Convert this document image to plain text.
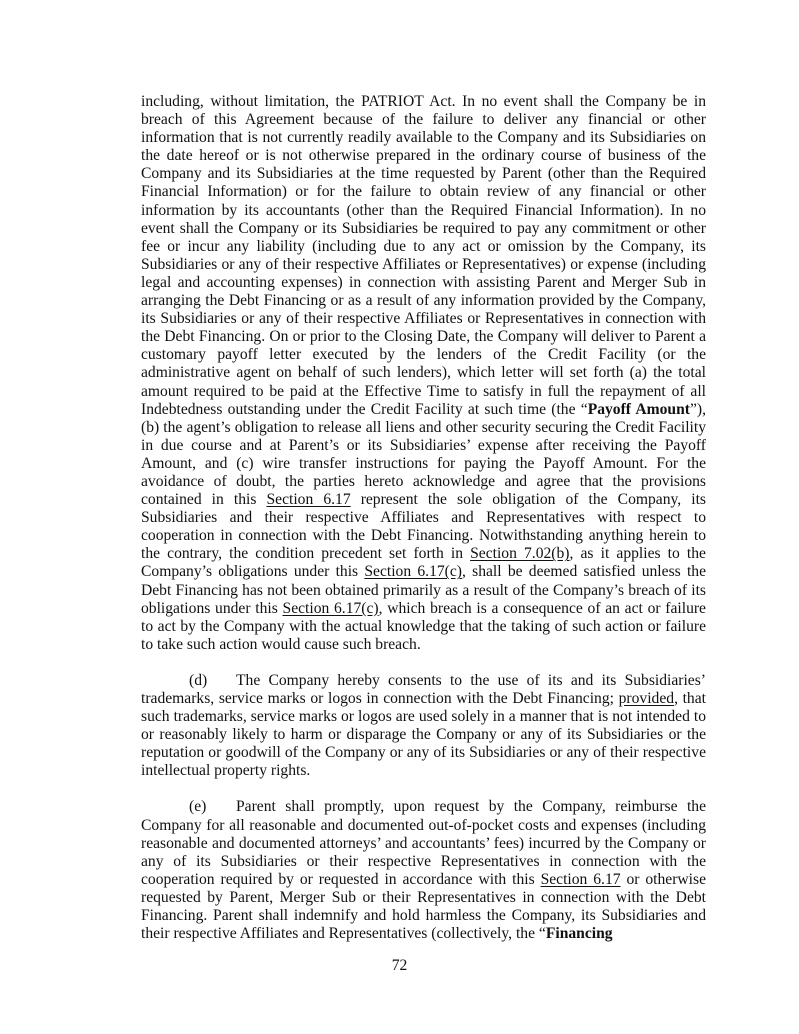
including, without limitation, the PATRIOT Act. In no event shall the Company be in breach of this Agreement because of the failure to deliver any financial or other information that is not currently readily available to the Company and its Subsidiaries on the date hereof or is not otherwise prepared in the ordinary course of business of the Company and its Subsidiaries at the time requested by Parent (other than the Required Financial Information) or for the failure to obtain review of any financial or other information by its accountants (other than the Required Financial Information). In no event shall the Company or its Subsidiaries be required to pay any commitment or other fee or incur any liability (including due to any act or omission by the Company, its Subsidiaries or any of their respective Affiliates or Representatives) or expense (including legal and accounting expenses) in connection with assisting Parent and Merger Sub in arranging the Debt Financing or as a result of any information provided by the Company, its Subsidiaries or any of their respective Affiliates or Representatives in connection with the Debt Financing. On or prior to the Closing Date, the Company will deliver to Parent a customary payoff letter executed by the lenders of the Credit Facility (or the administrative agent on behalf of such lenders), which letter will set forth (a) the total amount required to be paid at the Effective Time to satisfy in full the repayment of all Indebtedness outstanding under the Credit Facility at such time (the “Payoff Amount”), (b) the agent’s obligation to release all liens and other security securing the Credit Facility in due course and at Parent’s or its Subsidiaries’ expense after receiving the Payoff Amount, and (c) wire transfer instructions for paying the Payoff Amount. For the avoidance of doubt, the parties hereto acknowledge and agree that the provisions contained in this Section 6.17 represent the sole obligation of the Company, its Subsidiaries and their respective Affiliates and Representatives with respect to cooperation in connection with the Debt Financing. Notwithstanding anything herein to the contrary, the condition precedent set forth in Section 7.02(b), as it applies to the Company’s obligations under this Section 6.17(c), shall be deemed satisfied unless the Debt Financing has not been obtained primarily as a result of the Company’s breach of its obligations under this Section 6.17(c), which breach is a consequence of an act or failure to act by the Company with the actual knowledge that the taking of such action or failure to take such action would cause such breach.

(d) The Company hereby consents to the use of its and its Subsidiaries’ trademarks, service marks or logos in connection with the Debt Financing; provided, that such trademarks, service marks or logos are used solely in a manner that is not intended to or reasonably likely to harm or disparage the Company or any of its Subsidiaries or the reputation or goodwill of the Company or any of its Subsidiaries or any of their respective intellectual property rights.

(e) Parent shall promptly, upon request by the Company, reimburse the Company for all reasonable and documented out-of-pocket costs and expenses (including reasonable and documented attorneys’ and accountants’ fees) incurred by the Company or any of its Subsidiaries or their respective Representatives in connection with the cooperation required by or requested in accordance with this Section 6.17 or otherwise requested by Parent, Merger Sub or their Representatives in connection with the Debt Financing. Parent shall indemnify and hold harmless the Company, its Subsidiaries and their respective Affiliates and Representatives (collectively, the “Financing

72
